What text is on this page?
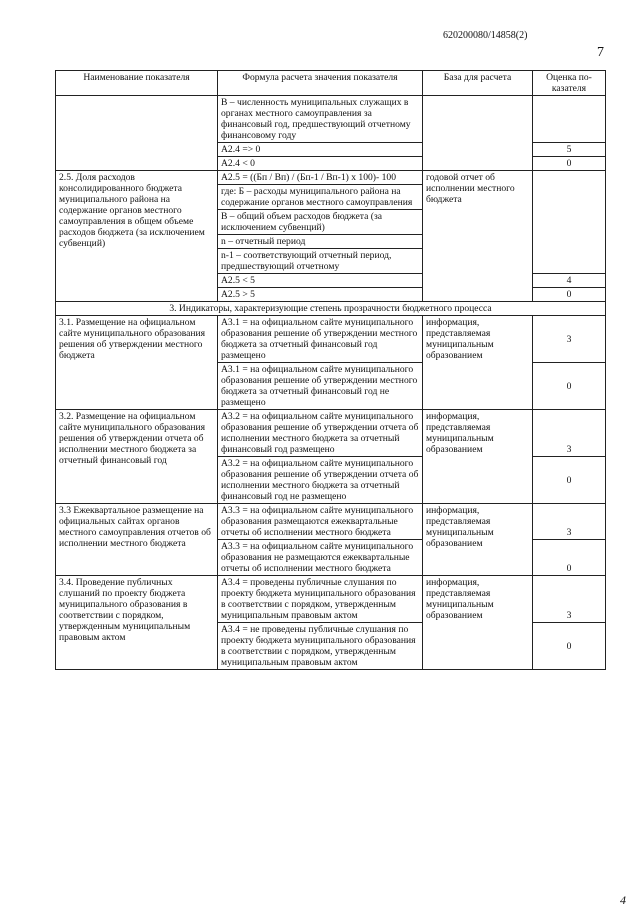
620200080/14858(2)
7
Наименование показателя	Формула расчета значения показателя	База для расчета	Оценка по-казателя
	В – численность муниципальных служащих в органах местного самоуправления за финансовый год, предшествующий отчетному финансовому году		
	А2.4 => 0		5
	А2.4 < 0		0
2.5. Доля расходов консолидированного бюджета муниципального района на содержание органов местного самоуправления в общем объеме расходов бюджета (за исключением субвенций)	А2.5 = ((Бп / Вп) / (Бп-1 / Вп-1) х 100)- 100	годовой отчет об исполнении местного бюджета	
	где: Б – расходы муниципального района на содержание органов местного самоуправления		
	В – общий объем расходов бюджета (за исключением субвенций)		
	n – отчетный период		
	n-1 – соответствующий отчетный период, предшествующий отчетному		
	А2.5 < 5		4
	А2.5 > 5		0
3. Индикаторы, характеризующие степень прозрачности бюджетного процесса			
3.1. Размещение на официальном сайте муниципального образования решения об утверждении местного бюджета	А3.1 = на официальном сайте муниципального образования решение об утверждении местного бюджета за отчетный финансовый год размещено	информация, представляемая муниципальным образованием	3
	А3.1 = на официальном сайте муниципального образования решение об утверждении местного бюджета за отчетный финансовый год не размещено		0
3.2. Размещение на официальном сайте муниципального образования решения об утверждении отчета об исполнении местного бюджета за отчетный финансовый год	А3.2 = на официальном сайте муниципального образования решение об утверждении отчета об исполнении местного бюджета за отчетный финансовый год размещено	информация, представляемая муниципальным образованием	3
	А3.2 = на официальном сайте муниципального образования решение об утверждении отчета об исполнении местного бюджета за отчетный финансовый год не размещено		0
3.3 Ежеквартальное размещение на официальных сайтах органов местного самоуправления отчетов об исполнении местного бюджета	А3.3 = на официальном сайте муниципального образования размещаются ежеквартальные отчеты об исполнении местного бюджета	информация, представляемая муниципальным образованием	3
	А3.3 = на официальном сайте муниципального образования не размещаются ежеквартальные отчеты об исполнении местного бюджета		0
3.4. Проведение публичных слушаний по проекту бюджета муниципального образования в соответствии с порядком, утвержденным муниципальным правовым актом	А3.4 = проведены публичные слушания по проекту бюджета муниципального образования в соответствии с порядком, утвержденным муниципальным правовым актом	информация, представляемая муниципальным образованием	3
	А3.4 = не проведены публичные слушания по проекту бюджета муниципального образования в соответствии с порядком, утвержденным муниципальным правовым актом		0
4
